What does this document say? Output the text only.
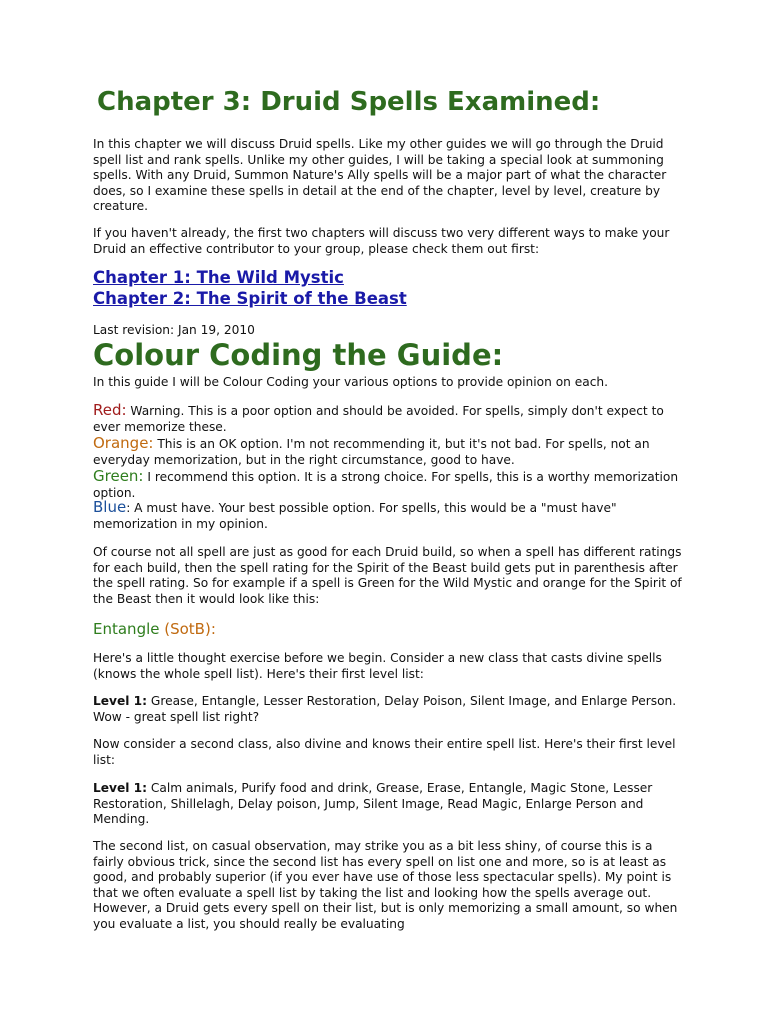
Chapter 3: Druid Spells Examined:

In this chapter we will discuss Druid spells. Like my other guides we will go through the Druid spell list and rank spells. Unlike my other guides, I will be taking a special look at summoning spells. With any Druid, Summon Nature's Ally spells will be a major part of what the character does, so I examine these spells in detail at the end of the chapter, level by level, creature by creature.

If you haven't already, the first two chapters will discuss two very different ways to make your Druid an effective contributor to your group, please check them out first:

Chapter 1: The Wild Mystic
Chapter 2: The Spirit of the Beast

Last revision: Jan 19, 2010

Colour Coding the Guide:

In this guide I will be Colour Coding your various options to provide opinion on each.

Red: Warning. This is a poor option and should be avoided. For spells, simply don't expect to ever memorize these.

Orange: This is an OK option. I'm not recommending it, but it's not bad. For spells, not an everyday memorization, but in the right circumstance, good to have.

Green: I recommend this option. It is a strong choice. For spells, this is a worthy memorization option.

Blue: A must have. Your best possible option. For spells, this would be a "must have" memorization in my opinion.

Of course not all spell are just as good for each Druid build, so when a spell has different ratings for each build, then the spell rating for the Spirit of the Beast build gets put in parenthesis after the spell rating. So for example if a spell is Green for the Wild Mystic and orange for the Spirit of the Beast then it would look like this:

Entangle (SotB):

Here's a little thought exercise before we begin. Consider a new class that casts divine spells (knows the whole spell list). Here's their first level list:

Level 1: Grease, Entangle, Lesser Restoration, Delay Poison, Silent Image, and Enlarge Person. Wow - great spell list right?

Now consider a second class, also divine and knows their entire spell list. Here's their first level list:

Level 1: Calm animals, Purify food and drink, Grease, Erase, Entangle, Magic Stone, Lesser Restoration, Shillelagh, Delay poison, Jump, Silent Image, Read Magic, Enlarge Person and Mending.

The second list, on casual observation, may strike you as a bit less shiny, of course this is a fairly obvious trick, since the second list has every spell on list one and more, so is at least as good, and probably superior (if you ever have use of those less spectacular spells). My point is that we often evaluate a spell list by taking the list and looking how the spells average out. However, a Druid gets every spell on their list, but is only memorizing a small amount, so when you evaluate a list, you should really be evaluating
